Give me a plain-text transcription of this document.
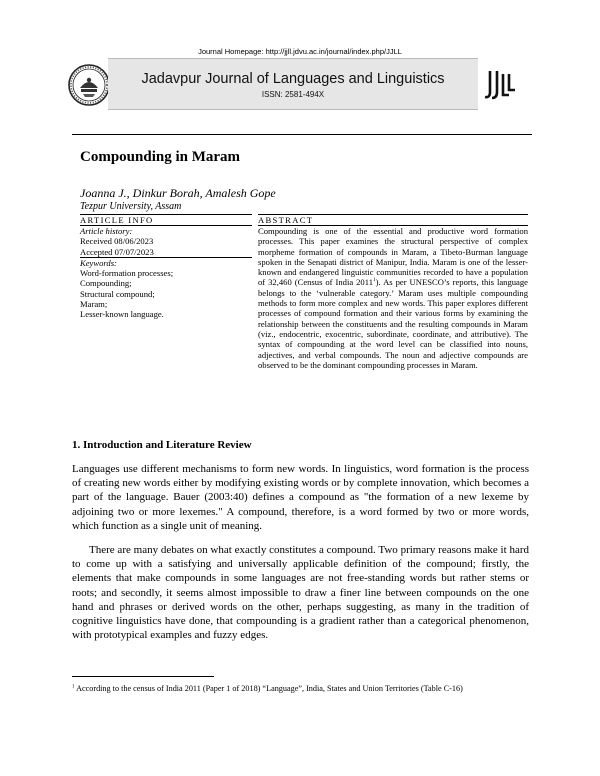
Journal Homepage: http://jjll.jdvu.ac.in/journal/index.php/JJLL
Jadavpur Journal of Languages and Linguistics
ISSN: 2581-494X
Compounding in Maram
Joanna J., Dinkur Borah, Amalesh Gope
Tezpur University, Assam
ARTICLE INFO
Article history:
Received 08/06/2023
Accepted 07/07/2023
Keywords:
Word-formation processes;
Compounding;
Structural compound;
Maram;
Lesser-known language.
ABSTRACT
Compounding is one of the essential and productive word formation processes. This paper examines the structural perspective of complex morpheme formation of compounds in Maram, a Tibeto-Burman language spoken in the Senapati district of Manipur, India. Maram is one of the lesser-known and endangered linguistic communities recorded to have a population of 32,460 (Census of India 2011$^1$). As per UNESCO’s reports, this language belongs to the ‘vulnerable category.’ Maram uses multiple compounding methods to form more complex and new words. This paper explores different processes of compound formation and their various forms by examining the relationship between the constituents and the resulting compounds in Maram (viz., endocentric, exocentric, subordinate, coordinate, and attributive). The syntax of compounding at the word level can be classified into nouns, adjectives, and verbal compounds. The noun and adjective compounds are observed to be the dominant compounding processes in Maram.
1. Introduction and Literature Review

Languages use different mechanisms to form new words. In linguistics, word formation is the process of creating new words either by modifying existing words or by complete innovation, which becomes a part of the language. Bauer (2003:40) defines a compound as "the formation of a new lexeme by adjoining two or more lexemes." A compound, therefore, is a word formed by two or more words, which function as a single unit of meaning.

There are many debates on what exactly constitutes a compound. Two primary reasons make it hard to come up with a satisfying and universally applicable definition of the compound; firstly, the elements that make compounds in some languages are not free-standing words but rather stems or roots; and secondly, it seems almost impossible to draw a finer line between compounds on the one hand and phrases or derived words on the other, perhaps suggesting, as many in the tradition of cognitive linguistics have done, that compounding is a gradient rather than a categorical phenomenon, with prototypical examples and fuzzy edges.

$^1$ According to the census of India 2011 (Paper 1 of 2018) “Language”, India, States and Union Territories (Table C-16)
